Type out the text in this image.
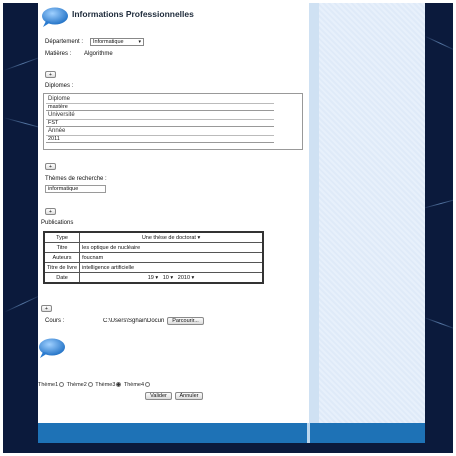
Informations Professionnelles
Département :	Informatique	▾
Matières : Algorithme
+
Diplomes :
Diplome
mastère
Université
FST
Année
2011
+
Thèmes de recherche :
informatique
+
Publications
Type	Une thèse de doctorat ▾
Titre	les optique de nucléaire
Auteurs	foucnam
Titre de livre	intelligence artificielle
Date	19 ▾ 10 ▾ 2010 ▾
+
Cours :	C:\Users\Sghair\Docun	Parcourir...
Thème1 Thème2 Thème3 Thème4
Valider	Annuler
